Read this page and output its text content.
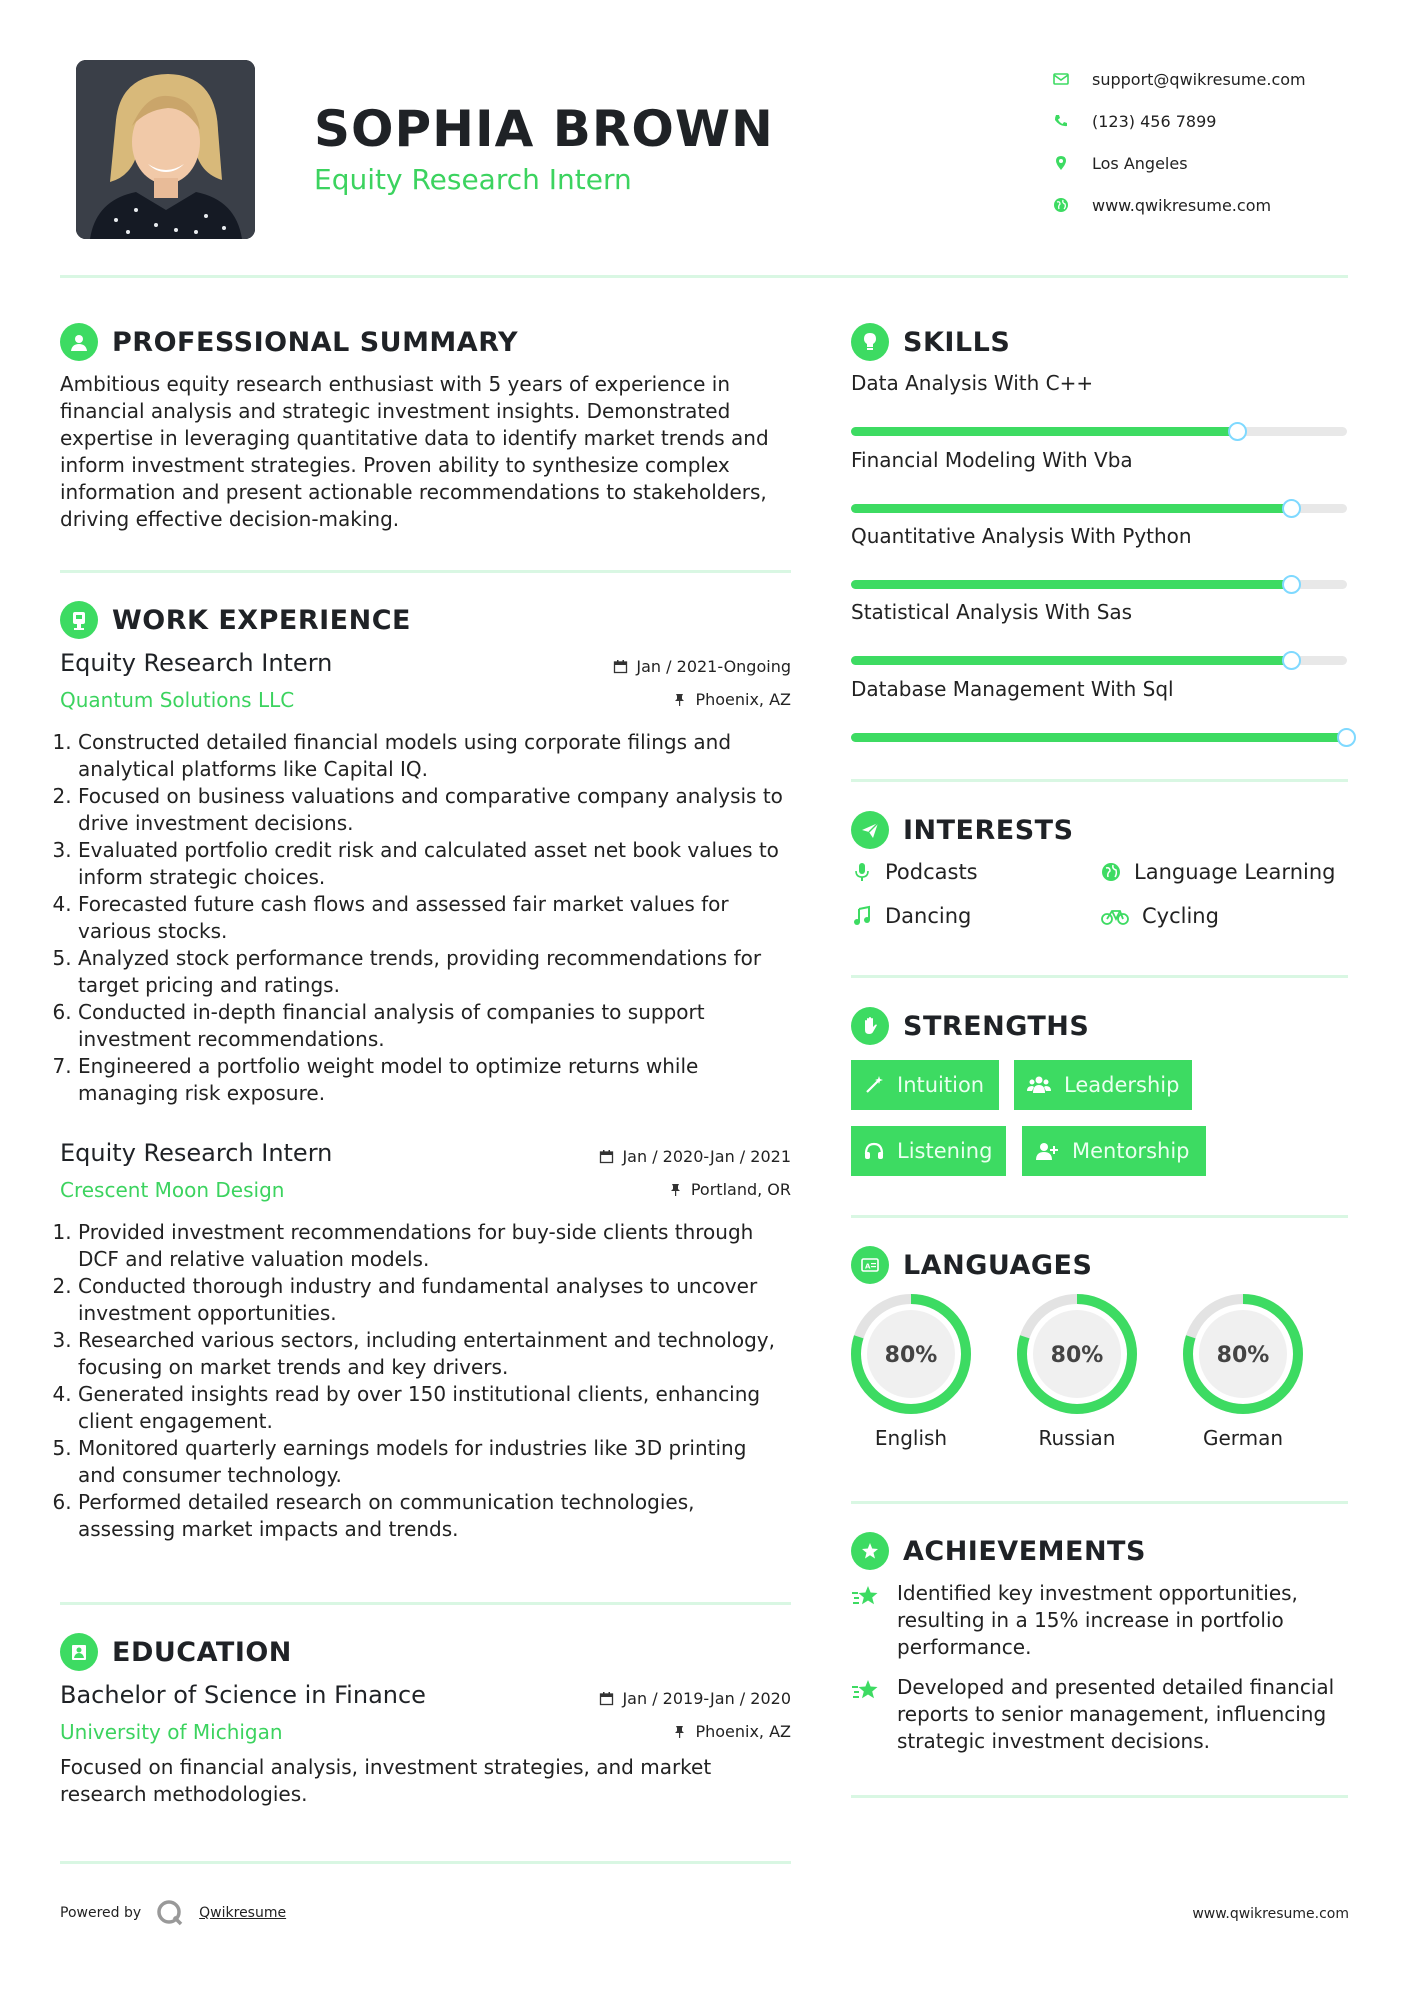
SOPHIA BROWN
Equity Research Intern
support@qwikresume.com
(123) 456 7899
Los Angeles
www.qwikresume.com
PROFESSIONAL SUMMARY
Ambitious equity research enthusiast with 5 years of experience in financial analysis and strategic investment insights. Demonstrated expertise in leveraging quantitative data to identify market trends and inform investment strategies. Proven ability to synthesize complex information and present actionable recommendations to stakeholders, driving effective decision-making.
WORK EXPERIENCE
Equity Research Intern
Quantum Solutions LLC
Jan / 2021-Ongoing
Phoenix, AZ
1. Constructed detailed financial models using corporate filings and analytical platforms like Capital IQ.
2. Focused on business valuations and comparative company analysis to drive investment decisions.
3. Evaluated portfolio credit risk and calculated asset net book values to inform strategic choices.
4. Forecasted future cash flows and assessed fair market values for various stocks.
5. Analyzed stock performance trends, providing recommendations for target pricing and ratings.
6. Conducted in-depth financial analysis of companies to support investment recommendations.
7. Engineered a portfolio weight model to optimize returns while managing risk exposure.
Equity Research Intern
Crescent Moon Design
Jan / 2020-Jan / 2021
Portland, OR
1. Provided investment recommendations for buy-side clients through DCF and relative valuation models.
2. Conducted thorough industry and fundamental analyses to uncover investment opportunities.
3. Researched various sectors, including entertainment and technology, focusing on market trends and key drivers.
4. Generated insights read by over 150 institutional clients, enhancing client engagement.
5. Monitored quarterly earnings models for industries like 3D printing and consumer technology.
6. Performed detailed research on communication technologies, assessing market impacts and trends.
EDUCATION
Bachelor of Science in Finance
University of Michigan
Jan / 2019-Jan / 2020
Phoenix, AZ
Focused on financial analysis, investment strategies, and market research methodologies.
SKILLS
Data Analysis With C++
Financial Modeling With Vba
Quantitative Analysis With Python
Statistical Analysis With Sas
Database Management With Sql
INTERESTS
Podcasts	Language Learning
Dancing	Cycling
STRENGTHS
Intuition	Leadership
Listening	Mentorship
A LANGUAGES
80%
English
80%
Russian
80%
German
ACHIEVEMENTS
Identified key investment opportunities, resulting in a 15% increase in portfolio performance.
Developed and presented detailed financial reports to senior management, influencing strategic investment decisions.
Powered by	Qwikresume	www.qwikresume.com
